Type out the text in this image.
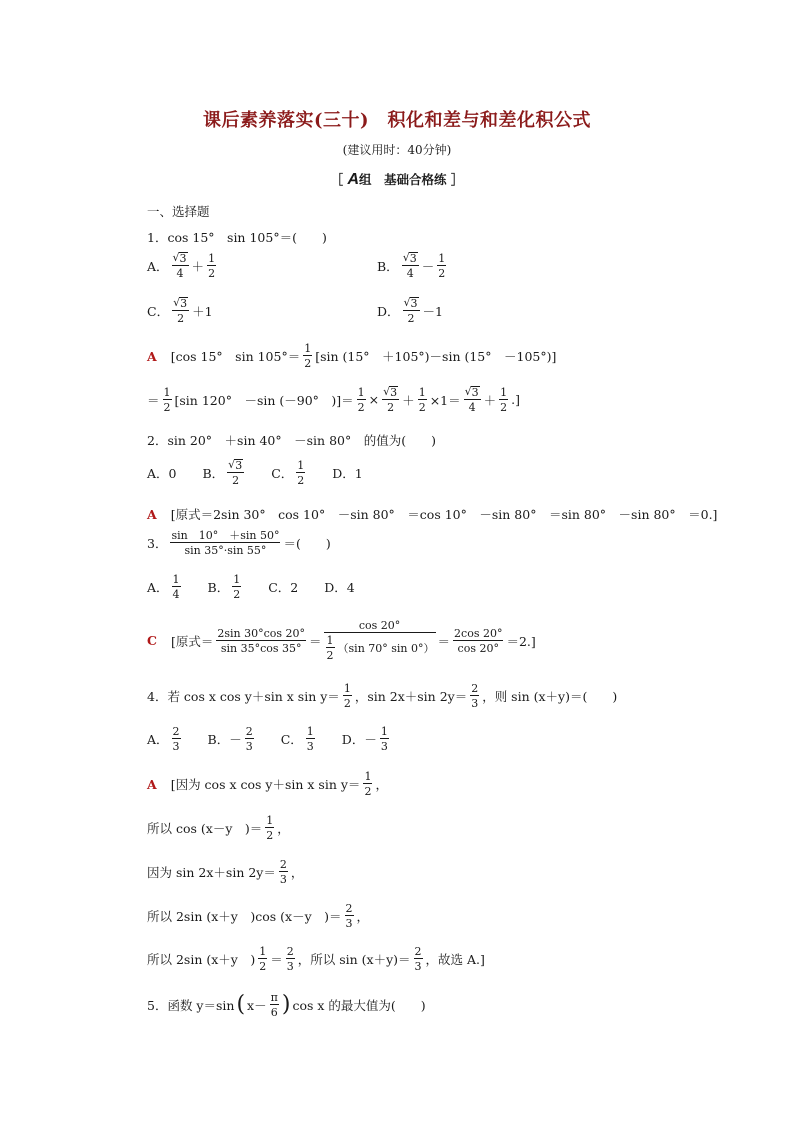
课后素养落实(三十)　积化和差与和差化积公式
(建议用时：40分钟)
［ A组　基础合格练 ］
一、选择题
1．cos 15°　sin 105°＝(　　)
A． $\frac{√ 3}{4} + \frac{1}{2}$	B． $\frac{√ 3}{4} - \frac{1}{2}$
C． $\frac{√ 3}{2} +1$	D． $\frac{√ 3}{2} -1$
A [cos 15°　$\sin 105^\circ= \frac{1}{2} [\sin$ (15°　＋105°)－sin (15°　－105°)]
＝ $\frac{1}{2} [\sin$ 120°　－sin (－90°　)]＝ $\frac{1}{2} \times \frac{√ 3}{2} + \frac{1}{2} \times 1= \frac{√ 3}{4} + \frac{1}{2}$ .]
2．sin 20°　＋sin 40°　－sin 80°　的值为(　　)
A．0 B． $\frac{√ 3}{2}$ C． $\frac{1}{2}$ D．1
A [原式＝2sin 30°　cos 10°　－sin 80°　＝cos 10°　－sin 80°　＝sin 80°　－sin 80°　＝0.]
3． $\frac{\sin 10^\circ +\sin 50^\circ}{\sin 35^\circ\cdot\sin 55^\circ}$ ＝(　　)
A． $\frac{1}{4}$ B． $\frac{1}{2}$ C．2 D．4
C [原式＝ $\frac{2\sin 30^\circ\cos 20^\circ}{\sin 35^\circ\cos 35^\circ} = \frac{\cos 20^\circ}{\frac{1}{2} (\sin 70^\circ \sin 0^\circ)} = \frac{2\cos 20^\circ}{\cos 20^\circ} =2$.]
4．若 cos x cos y＋sin x $\sin y= \frac{1}{2}$ ，sin 2x＋sin $2y= \frac{2}{3}$ ，则 sin (x＋y)＝(　　)
A． $\frac{2}{3}$ B．－ $\frac{2}{3}$ C． $\frac{1}{3}$ D．－ $\frac{1}{3}$
A [因为 cos x cos y＋sin x $\sin y= \frac{1}{2}$ ，
所以 cos (x－y　)＝ $\frac{1}{2}$ ，
因为 sin 2x＋sin $2y= \frac{2}{3}$ ，
所以 2sin (x＋y　)cos (x－y　)＝ $\frac{2}{3}$ ，
所以 2sin (x＋y　) $\frac{1}{2} = \frac{2}{3}$ ，所以 $\sin (x+y)= \frac{2}{3}$ ，故选 A.]
5．函数 y＝sin ( $x- \frac{\pi}{6}$ ) cos x 的最大值为(　　)
